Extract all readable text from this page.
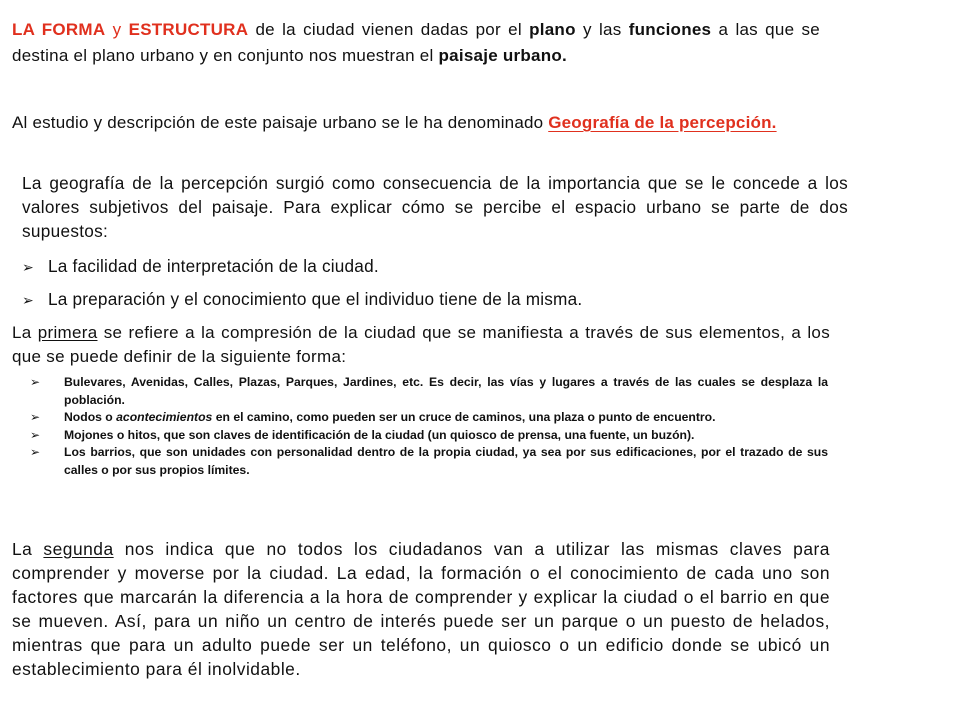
LA FORMA y ESTRUCTURA de la ciudad vienen dadas por el plano y las funciones a las que se destina el plano urbano y en conjunto nos muestran el paisaje urbano.

Al estudio y descripción de este paisaje urbano se le ha denominado Geografía de la percepción.

La geografía de la percepción surgió como consecuencia de la importancia que se le concede a los valores subjetivos del paisaje. Para explicar cómo se percibe el espacio urbano se parte de dos supuestos:

➢ La facilidad de interpretación de la ciudad.

➢ La preparación y el conocimiento que el individuo tiene de la misma.

La primera se refiere a la compresión de la ciudad que se manifiesta a través de sus elementos, a los que se puede definir de la siguiente forma:

➢ Bulevares, Avenidas, Calles, Plazas, Parques, Jardines, etc. Es decir, las vías y lugares a través de las cuales se desplaza la población.
➢ Nodos o acontecimientos en el camino, como pueden ser un cruce de caminos, una plaza o punto de encuentro.
➢ Mojones o hitos, que son claves de identificación de la ciudad (un quiosco de prensa, una fuente, un buzón).
➢ Los barrios, que son unidades con personalidad dentro de la propia ciudad, ya sea por sus edificaciones, por el trazado de sus calles o por sus propios límites.

La segunda nos indica que no todos los ciudadanos van a utilizar las mismas claves para comprender y moverse por la ciudad. La edad, la formación o el conocimiento de cada uno son factores que marcarán la diferencia a la hora de comprender y explicar la ciudad o el barrio en que se mueven. Así, para un niño un centro de interés puede ser un parque o un puesto de helados, mientras que para un adulto puede ser un teléfono, un quiosco o un edificio donde se ubicó un establecimiento para él inolvidable.
